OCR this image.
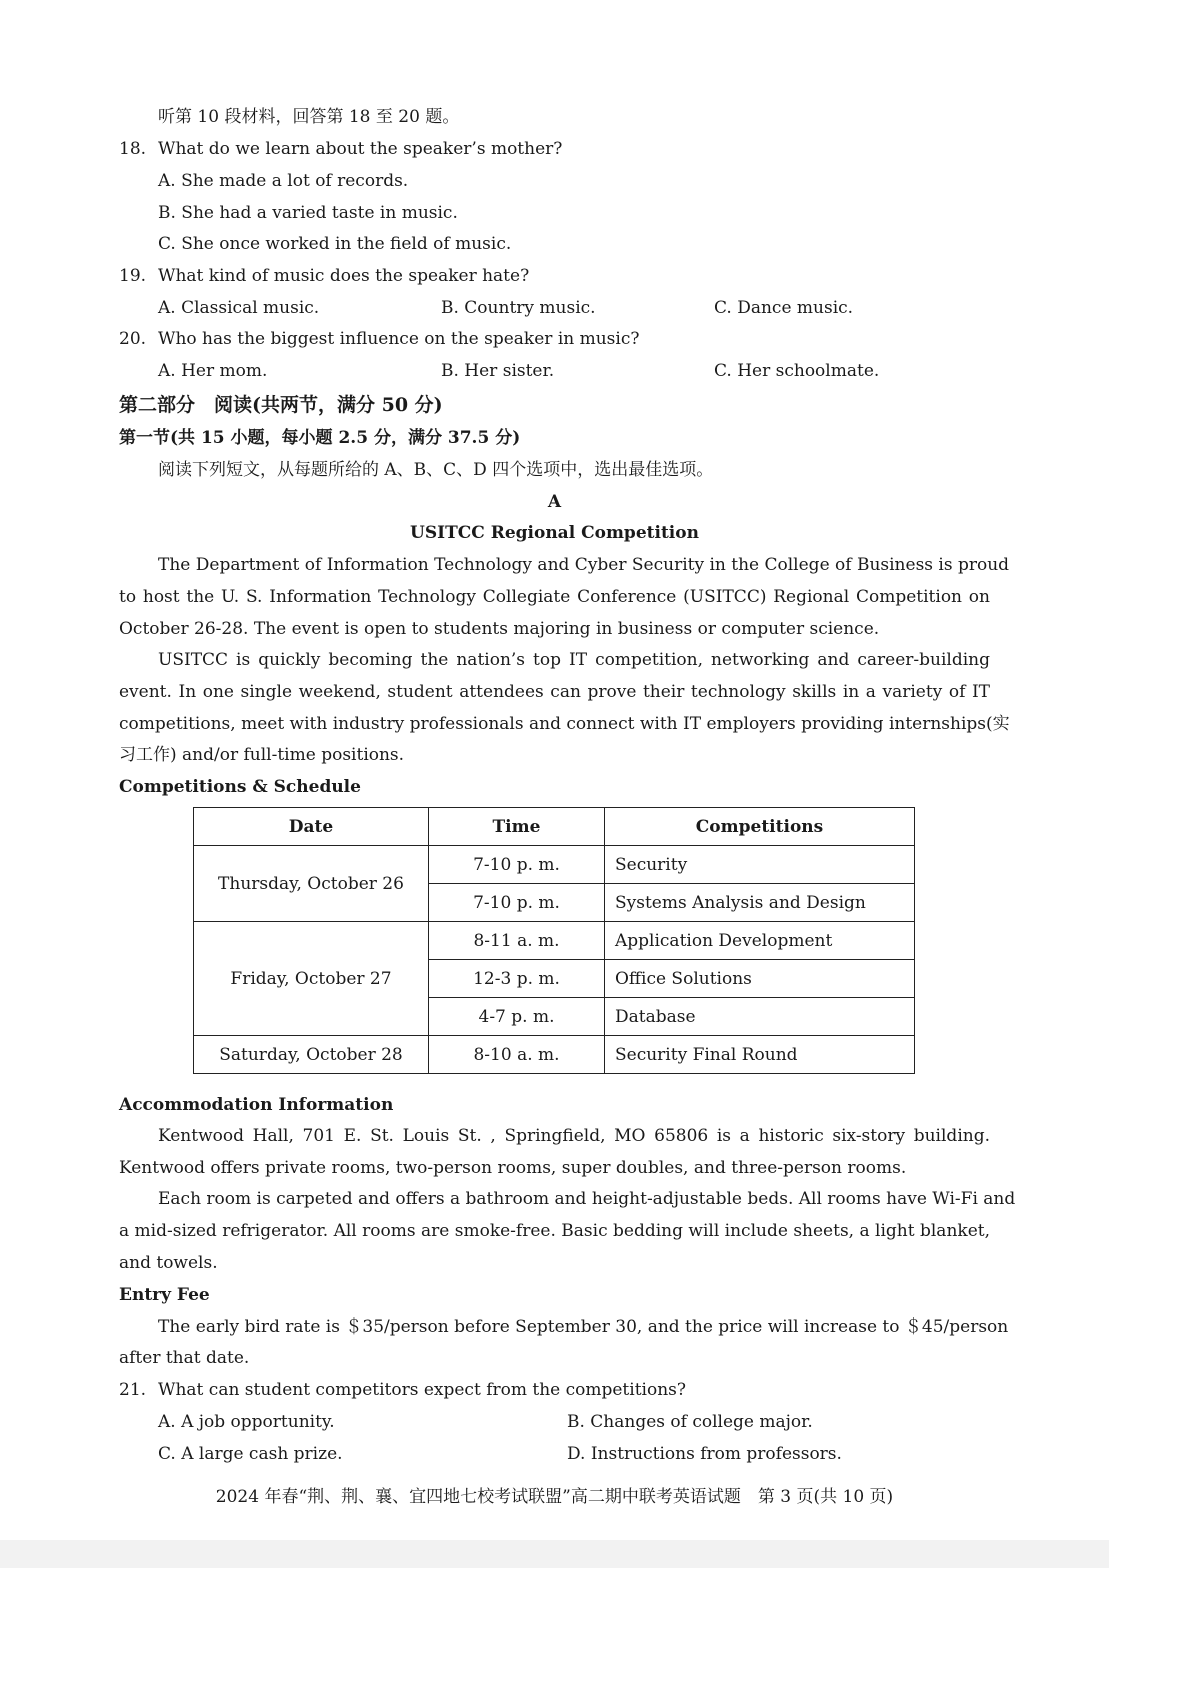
听第 10 段材料，回答第 18 至 20 题。
18. What do we learn about the speaker’s mother?
A. She made a lot of records.
B. She had a varied taste in music.
C. She once worked in the field of music.
19. What kind of music does the speaker hate?
A. Classical music.	B. Country music.	C. Dance music.
20. Who has the biggest influence on the speaker in music?
A. Her mom.	B. Her sister.	C. Her schoolmate.
第二部分　阅读(共两节，满分 50 分)
第一节(共 15 小题，每小题 2.5 分，满分 37.5 分)
阅读下列短文，从每题所给的 A、B、C、D 四个选项中，选出最佳选项。
A
USITCC Regional Competition
The Department of Information Technology and Cyber Security in the College of Business is proud
to host the U. S. Information Technology Collegiate Conference (USITCC) Regional Competition on
October 26-28. The event is open to students majoring in business or computer science.
USITCC is quickly becoming the nation’s top IT competition, networking and career-building
event. In one single weekend, student attendees can prove their technology skills in a variety of IT
competitions, meet with industry professionals and connect with IT employers providing internships(实
习工作) and/or full-time positions.
Competitions & Schedule
Date	Time	Competitions
Thursday, October 26	7-10 p. m.	Security
	7-10 p. m.	Systems Analysis and Design
Friday, October 27	8-11 a. m.	Application Development
	12-3 p. m.	Office Solutions
	4-7 p. m.	Database
Saturday, October 28	8-10 a. m.	Security Final Round
Accommodation Information
Kentwood Hall, 701 E. St. Louis St. , Springfield, MO 65806 is a historic six-story building.
Kentwood offers private rooms, two-person rooms, super doubles, and three-person rooms.
Each room is carpeted and offers a bathroom and height-adjustable beds. All rooms have Wi-Fi and
a mid-sized refrigerator. All rooms are smoke-free. Basic bedding will include sheets, a light blanket,
and towels.
Entry Fee
The early bird rate is ＄35/person before September 30, and the price will increase to ＄45/person
after that date.
21. What can student competitors expect from the competitions?
A. A job opportunity.	B. Changes of college major.
C. A large cash prize.	D. Instructions from professors.
2024 年春“荆、荆、襄、宜四地七校考试联盟”高二期中联考英语试题　第 3 页(共 10 页)
